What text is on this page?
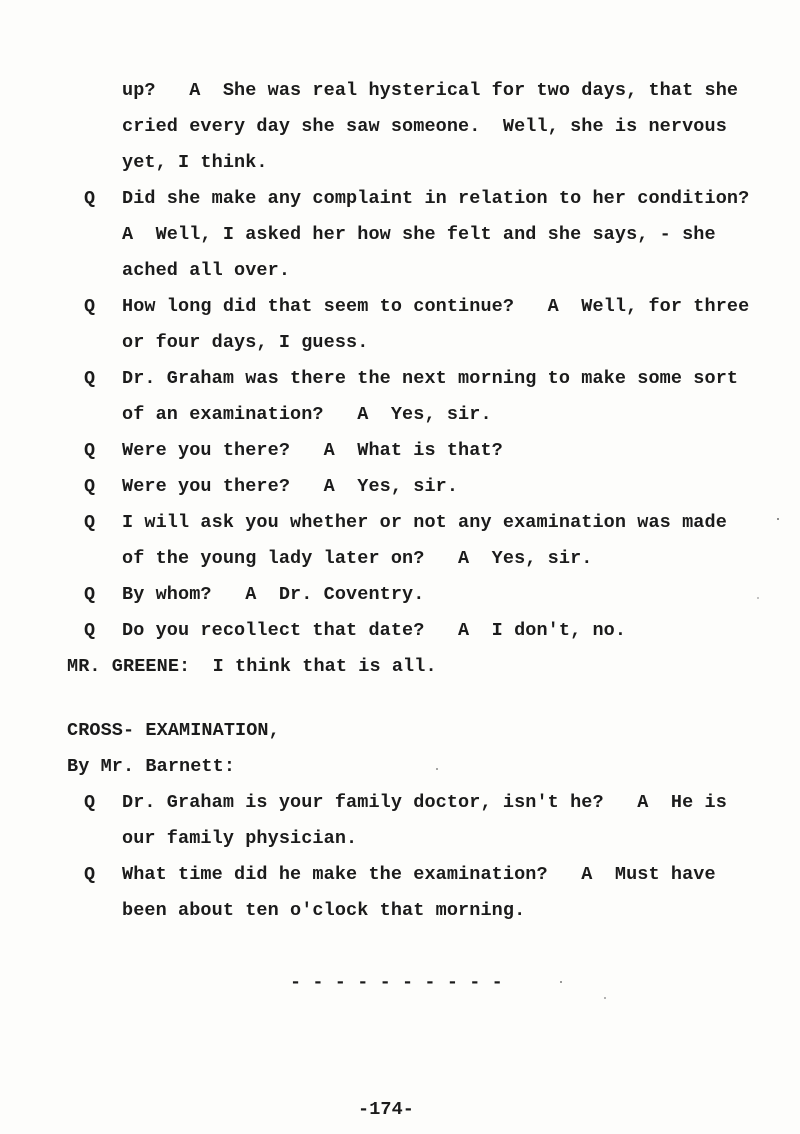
up?   A  She was real hysterical for two days, that she
cried every day she saw someone.  Well, she is nervous
yet, I think.
Q Did she make any complaint in relation to her condition?
A  Well, I asked her how she felt and she says, - she
ached all over.
Q How long did that seem to continue?   A  Well, for three
or four days, I guess.
Q Dr. Graham was there the next morning to make some sort
of an examination?   A  Yes, sir.
Q Were you there?   A  What is that?
Q Were you there?   A  Yes, sir.
Q I will ask you whether or not any examination was made
of the young lady later on?   A  Yes, sir.
Q By whom?   A  Dr. Coventry.
Q Do you recollect that date?   A  I don't, no.
MR. GREENE:  I think that is all.
CROSS- EXAMINATION,
By Mr. Barnett:
Q Dr. Graham is your family doctor, isn't he?   A  He is
our family physician.
Q What time did he make the examination?   A  Must have
been about ten o'clock that morning.
- - - - - - - - - -
-174-
